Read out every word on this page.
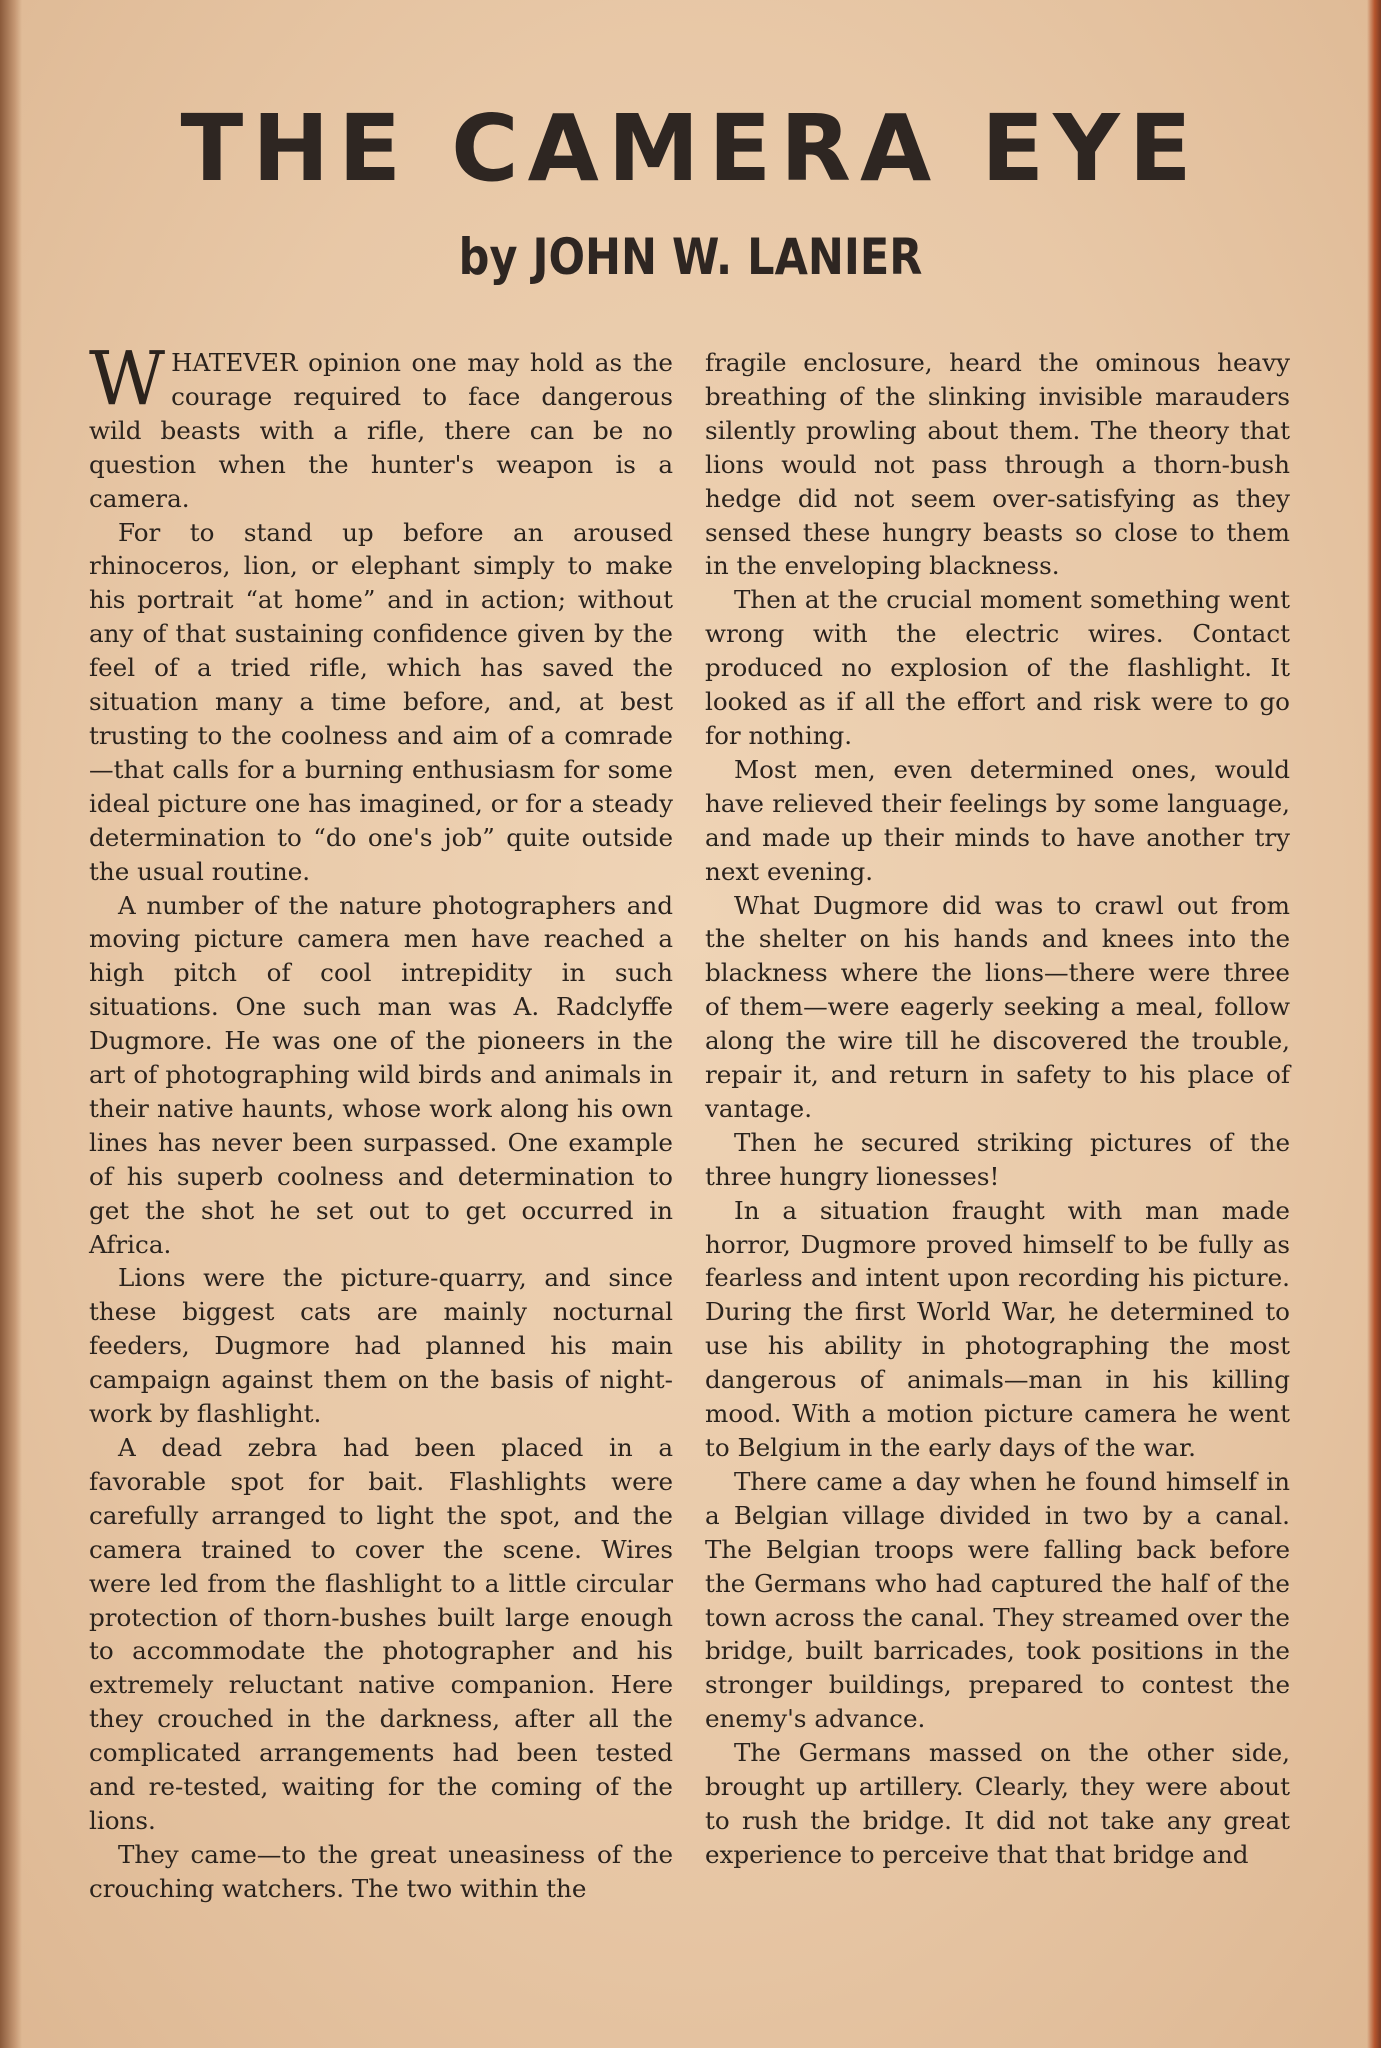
THE CAMERA EYE
by JOHN W. LANIER

WHATEVER opinion one may hold as the courage required to face dangerous wild beasts with a rifle, there can be no question when the hunter's weapon is a camera.

For to stand up before an aroused rhinoceros, lion, or elephant simply to make his portrait “at home” and in action; without any of that sustaining confidence given by the feel of a tried rifle, which has saved the situation many a time before, and, at best trusting to the coolness and aim of a comrade—that calls for a burning enthusiasm for some ideal picture one has imagined, or for a steady determination to “do one's job” quite outside the usual routine.

A number of the nature photographers and moving picture camera men have reached a high pitch of cool intrepidity in such situations. One such man was A. Radclyffe Dugmore. He was one of the pioneers in the art of photographing wild birds and animals in their native haunts, whose work along his own lines has never been surpassed. One example of his superb coolness and determination to get the shot he set out to get occurred in Africa.

Lions were the picture-quarry, and since these biggest cats are mainly nocturnal feeders, Dugmore had planned his main campaign against them on the basis of night-work by flashlight.

A dead zebra had been placed in a favorable spot for bait. Flashlights were carefully arranged to light the spot, and the camera trained to cover the scene. Wires were led from the flashlight to a little circular protection of thorn-bushes built large enough to accommodate the photographer and his extremely reluctant native companion. Here they crouched in the darkness, after all the complicated arrangements had been tested and re-tested, waiting for the coming of the lions.

They came—to the great uneasiness of the crouching watchers. The two within the

fragile enclosure, heard the ominous heavy breathing of the slinking invisible marauders silently prowling about them. The theory that lions would not pass through a thorn-bush hedge did not seem over-satisfying as they sensed these hungry beasts so close to them in the enveloping blackness.

Then at the crucial moment something went wrong with the electric wires. Contact produced no explosion of the flashlight. It looked as if all the effort and risk were to go for nothing.

Most men, even determined ones, would have relieved their feelings by some language, and made up their minds to have another try next evening.

What Dugmore did was to crawl out from the shelter on his hands and knees into the blackness where the lions—there were three of them—were eagerly seeking a meal, follow along the wire till he discovered the trouble, repair it, and return in safety to his place of vantage.

Then he secured striking pictures of the three hungry lionesses!

In a situation fraught with man made horror, Dugmore proved himself to be fully as fearless and intent upon recording his picture. During the first World War, he determined to use his ability in photographing the most dangerous of animals—man in his killing mood. With a motion picture camera he went to Belgium in the early days of the war.

There came a day when he found himself in a Belgian village divided in two by a canal. The Belgian troops were falling back before the Germans who had captured the half of the town across the canal. They streamed over the bridge, built barricades, took positions in the stronger buildings, prepared to contest the enemy's advance.

The Germans massed on the other side, brought up artillery. Clearly, they were about to rush the bridge. It did not take any great experience to perceive that that bridge and
